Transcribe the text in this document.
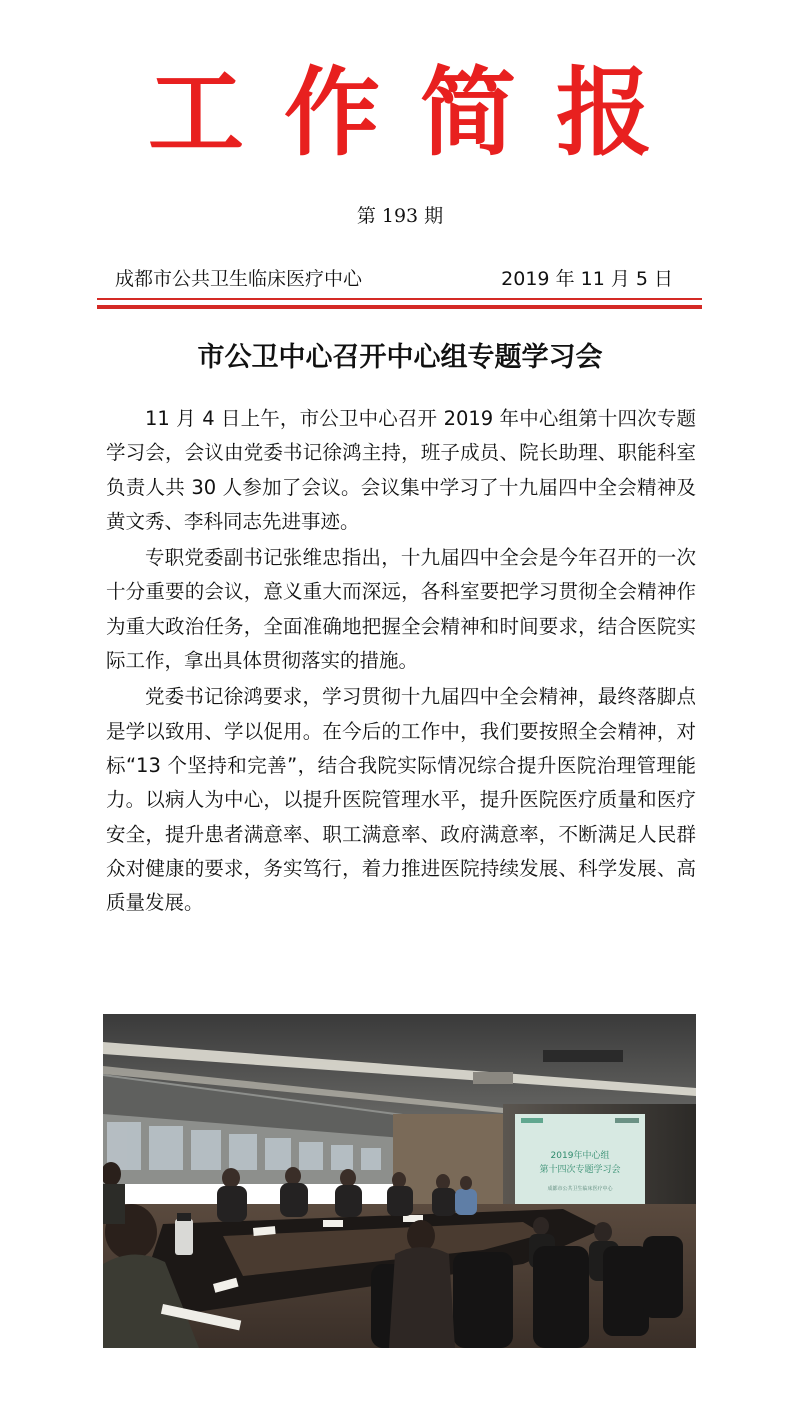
工作简报
第 193 期
成都市公共卫生临床医疗中心	2019 年 11 月 5 日
市公卫中心召开中心组专题学习会

11 月 4 日上午，市公卫中心召开 2019 年中心组第十四次专题学习会，会议由党委书记徐鸿主持，班子成员、院长助理、职能科室负责人共 30 人参加了会议。会议集中学习了十九届四中全会精神及黄文秀、李科同志先进事迹。

专职党委副书记张维忠指出，十九届四中全会是今年召开的一次十分重要的会议，意义重大而深远，各科室要把学习贯彻全会精神作为重大政治任务，全面准确地把握全会精神和时间要求，结合医院实际工作，拿出具体贯彻落实的措施。

党委书记徐鸿要求，学习贯彻十九届四中全会精神，最终落脚点是学以致用、学以促用。在今后的工作中，我们要按照全会精神，对标“13 个坚持和完善”，结合我院实际情况综合提升医院治理管理能力。以病人为中心，以提升医院管理水平，提升医院医疗质量和医疗安全，提升患者满意率、职工满意率、政府满意率，不断满足人民群众对健康的要求，务实笃行，着力推进医院持续发展、科学发展、高质量发展。

2019年中心组
第十四次专题学习会
成都市公共卫生临床医疗中心
